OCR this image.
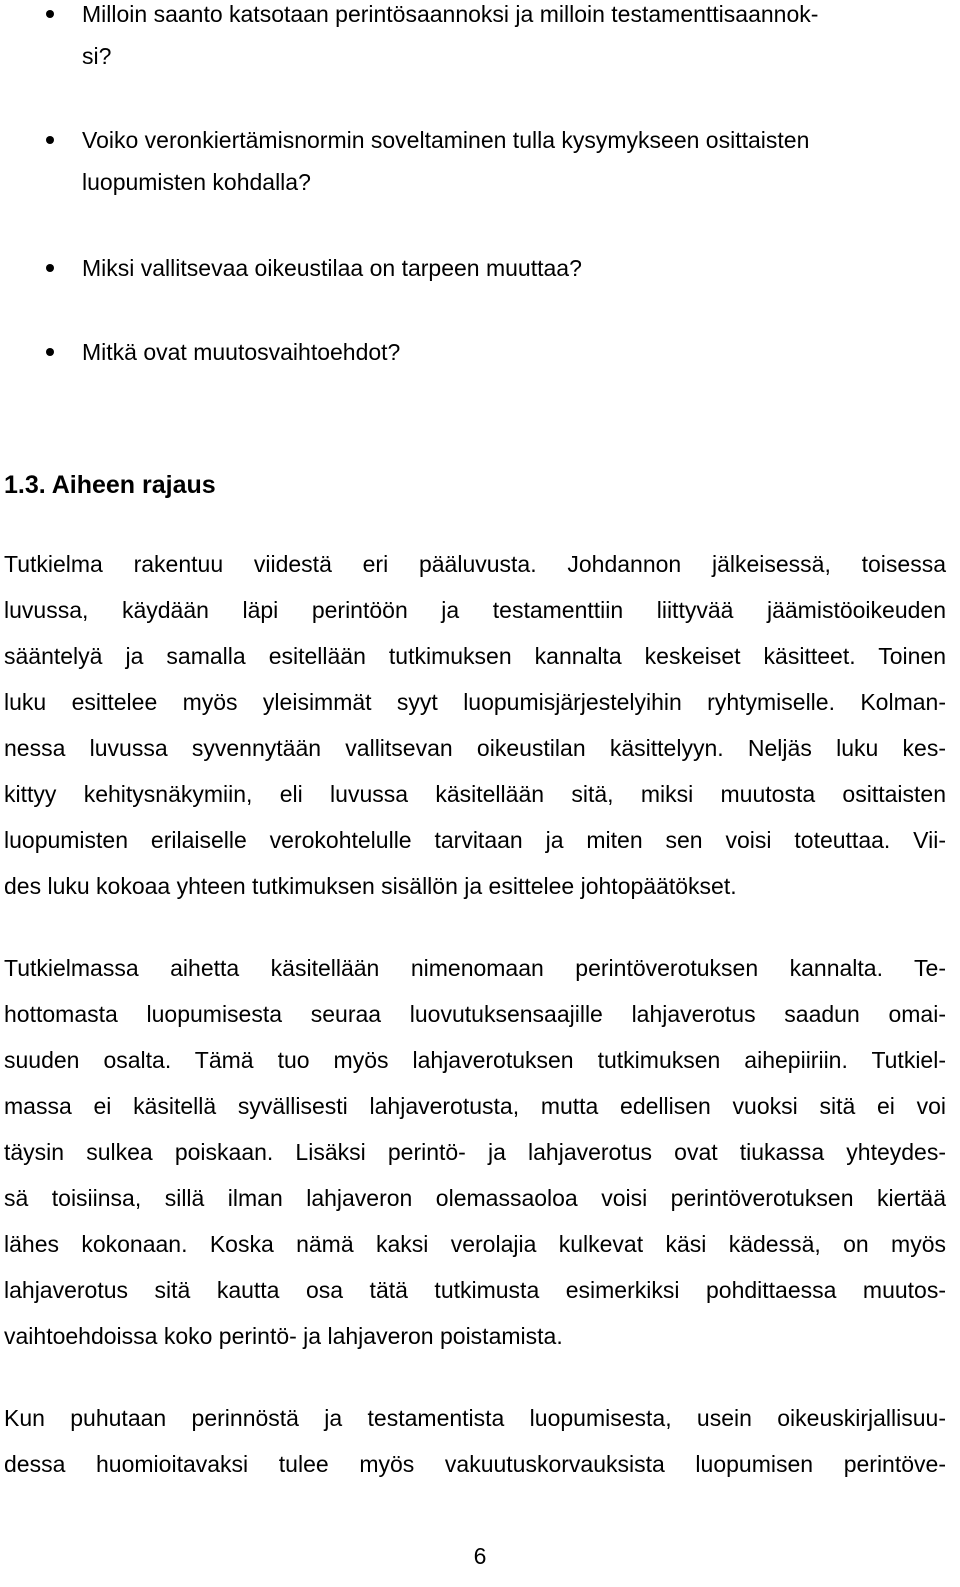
Milloin saanto katsotaan perintösaannoksi ja milloin testamenttisaannok-
si?
Voiko veronkiertämisnormin soveltaminen tulla kysymykseen osittaisten
luopumisten kohdalla?
Miksi vallitsevaa oikeustilaa on tarpeen muuttaa?
Mitkä ovat muutosvaihtoehdot?
1.3. Aiheen rajaus
Tutkielma rakentuu viidestä eri pääluvusta. Johdannon jälkeisessä, toisessa
luvussa, käydään läpi perintöön ja testamenttiin liittyvää jäämistöoikeuden
sääntelyä ja samalla esitellään tutkimuksen kannalta keskeiset käsitteet. Toinen
luku esittelee myös yleisimmät syyt luopumisjärjestelyihin ryhtymiselle. Kolman-
nessa luvussa syvennytään vallitsevan oikeustilan käsittelyyn. Neljäs luku kes-
kittyy kehitysnäkymiin, eli luvussa käsitellään sitä, miksi muutosta osittaisten
luopumisten erilaiselle verokohtelulle tarvitaan ja miten sen voisi toteuttaa. Vii-
des luku kokoaa yhteen tutkimuksen sisällön ja esittelee johtopäätökset.
Tutkielmassa aihetta käsitellään nimenomaan perintöverotuksen kannalta. Te-
hottomasta luopumisesta seuraa luovutuksensaajille lahjaverotus saadun omai-
suuden osalta. Tämä tuo myös lahjaverotuksen tutkimuksen aihepiiriin. Tutkiel-
massa ei käsitellä syvällisesti lahjaverotusta, mutta edellisen vuoksi sitä ei voi
täysin sulkea poiskaan. Lisäksi perintö- ja lahjaverotus ovat tiukassa yhteydes-
sä toisiinsa, sillä ilman lahjaveron olemassaoloa voisi perintöverotuksen kiertää
lähes kokonaan. Koska nämä kaksi verolajia kulkevat käsi kädessä, on myös
lahjaverotus sitä kautta osa tätä tutkimusta esimerkiksi pohdittaessa muutos-
vaihtoehdoissa koko perintö- ja lahjaveron poistamista.
Kun puhutaan perinnöstä ja testamentista luopumisesta, usein oikeuskirjallisuu-
dessa huomioitavaksi tulee myös vakuutuskorvauksista luopumisen perintöve-
6
